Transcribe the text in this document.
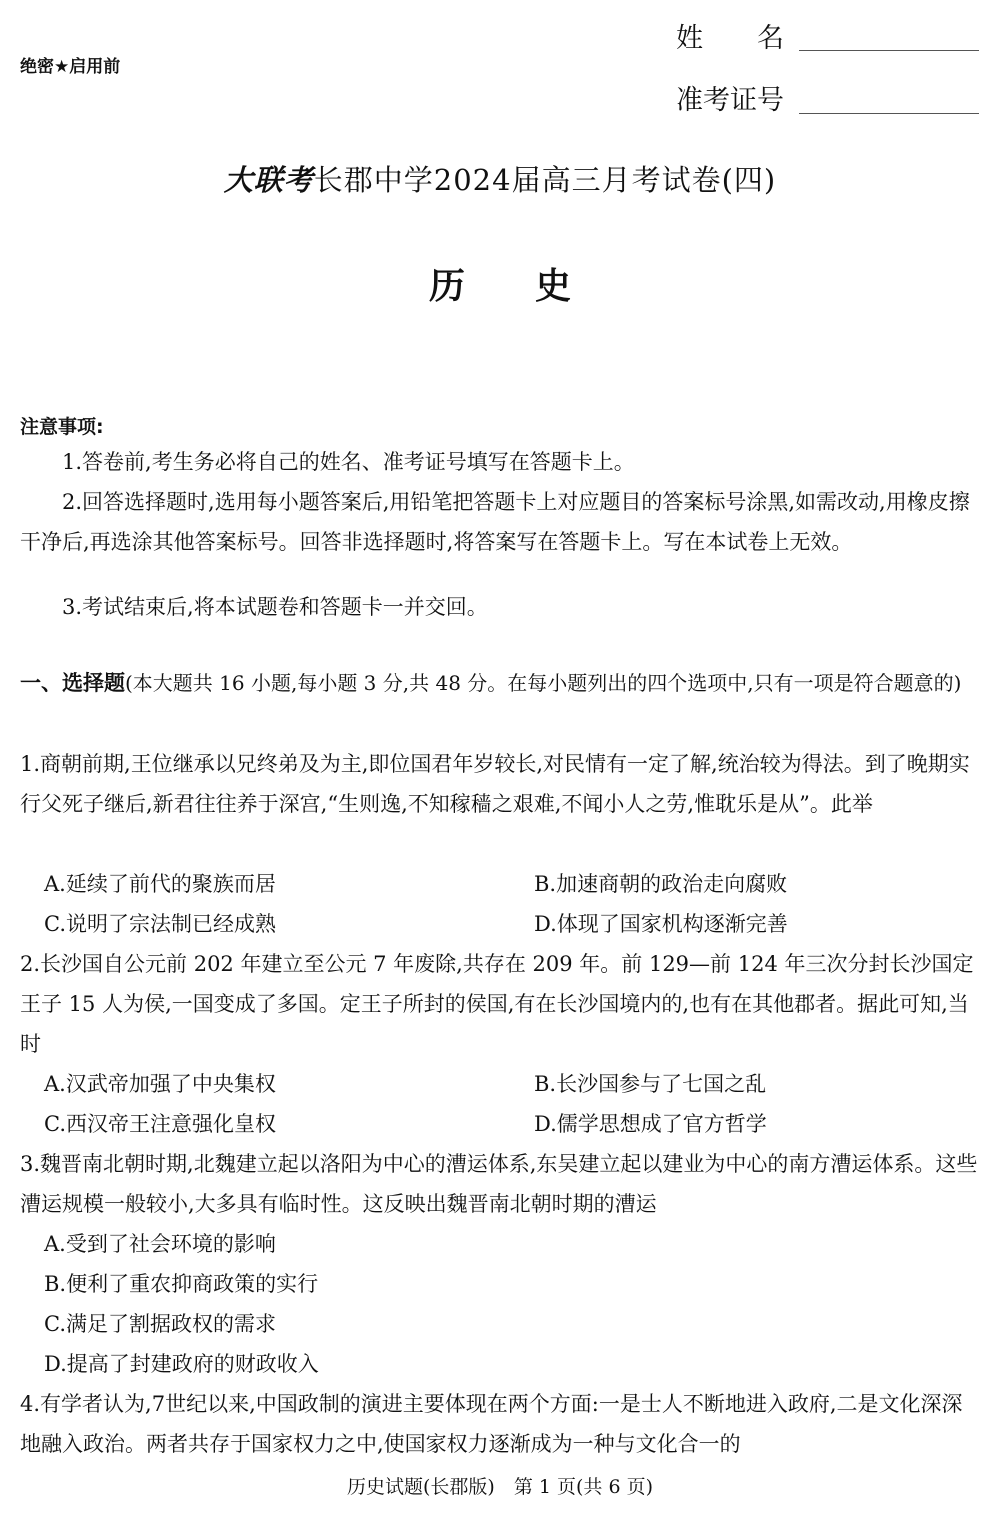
绝密★启用前
姓　　名
准考证号
大联考长郡中学2024届高三月考试卷(四)
历史
注意事项:
1.答卷前,考生务必将自己的姓名、准考证号填写在答题卡上。
2.回答选择题时,选用每小题答案后,用铅笔把答题卡上对应题目的答案标号涂黑,如需改动,用橡皮擦干净后,再选涂其他答案标号。回答非选择题时,将答案写在答题卡上。写在本试卷上无效。
3.考试结束后,将本试题卷和答题卡一并交回。
一、选择题(本大题共 16 小题,每小题 3 分,共 48 分。在每小题列出的四个选项中,只有一项是符合题意的)
1.商朝前期,王位继承以兄终弟及为主,即位国君年岁较长,对民情有一定了解,统治较为得法。到了晚期实行父死子继后,新君往往养于深宫,“生则逸,不知稼穑之艰难,不闻小人之劳,惟耽乐是从”。此举
A.延续了前代的聚族而居	B.加速商朝的政治走向腐败
C.说明了宗法制已经成熟	D.体现了国家机构逐渐完善
2.长沙国自公元前 202 年建立至公元 7 年废除,共存在 209 年。前 129—前 124 年三次分封长沙国定王子 15 人为侯,一国变成了多国。定王子所封的侯国,有在长沙国境内的,也有在其他郡者。据此可知,当时
A.汉武帝加强了中央集权	B.长沙国参与了七国之乱
C.西汉帝王注意强化皇权	D.儒学思想成了官方哲学
3.魏晋南北朝时期,北魏建立起以洛阳为中心的漕运体系,东吴建立起以建业为中心的南方漕运体系。这些漕运规模一般较小,大多具有临时性。这反映出魏晋南北朝时期的漕运
A.受到了社会环境的影响
B.便利了重农抑商政策的实行
C.满足了割据政权的需求
D.提高了封建政府的财政收入
4.有学者认为,7世纪以来,中国政制的演进主要体现在两个方面:一是士人不断地进入政府,二是文化深深地融入政治。两者共存于国家权力之中,使国家权力逐渐成为一种与文化合一的
历史试题(长郡版)　第 1 页(共 6 页)
